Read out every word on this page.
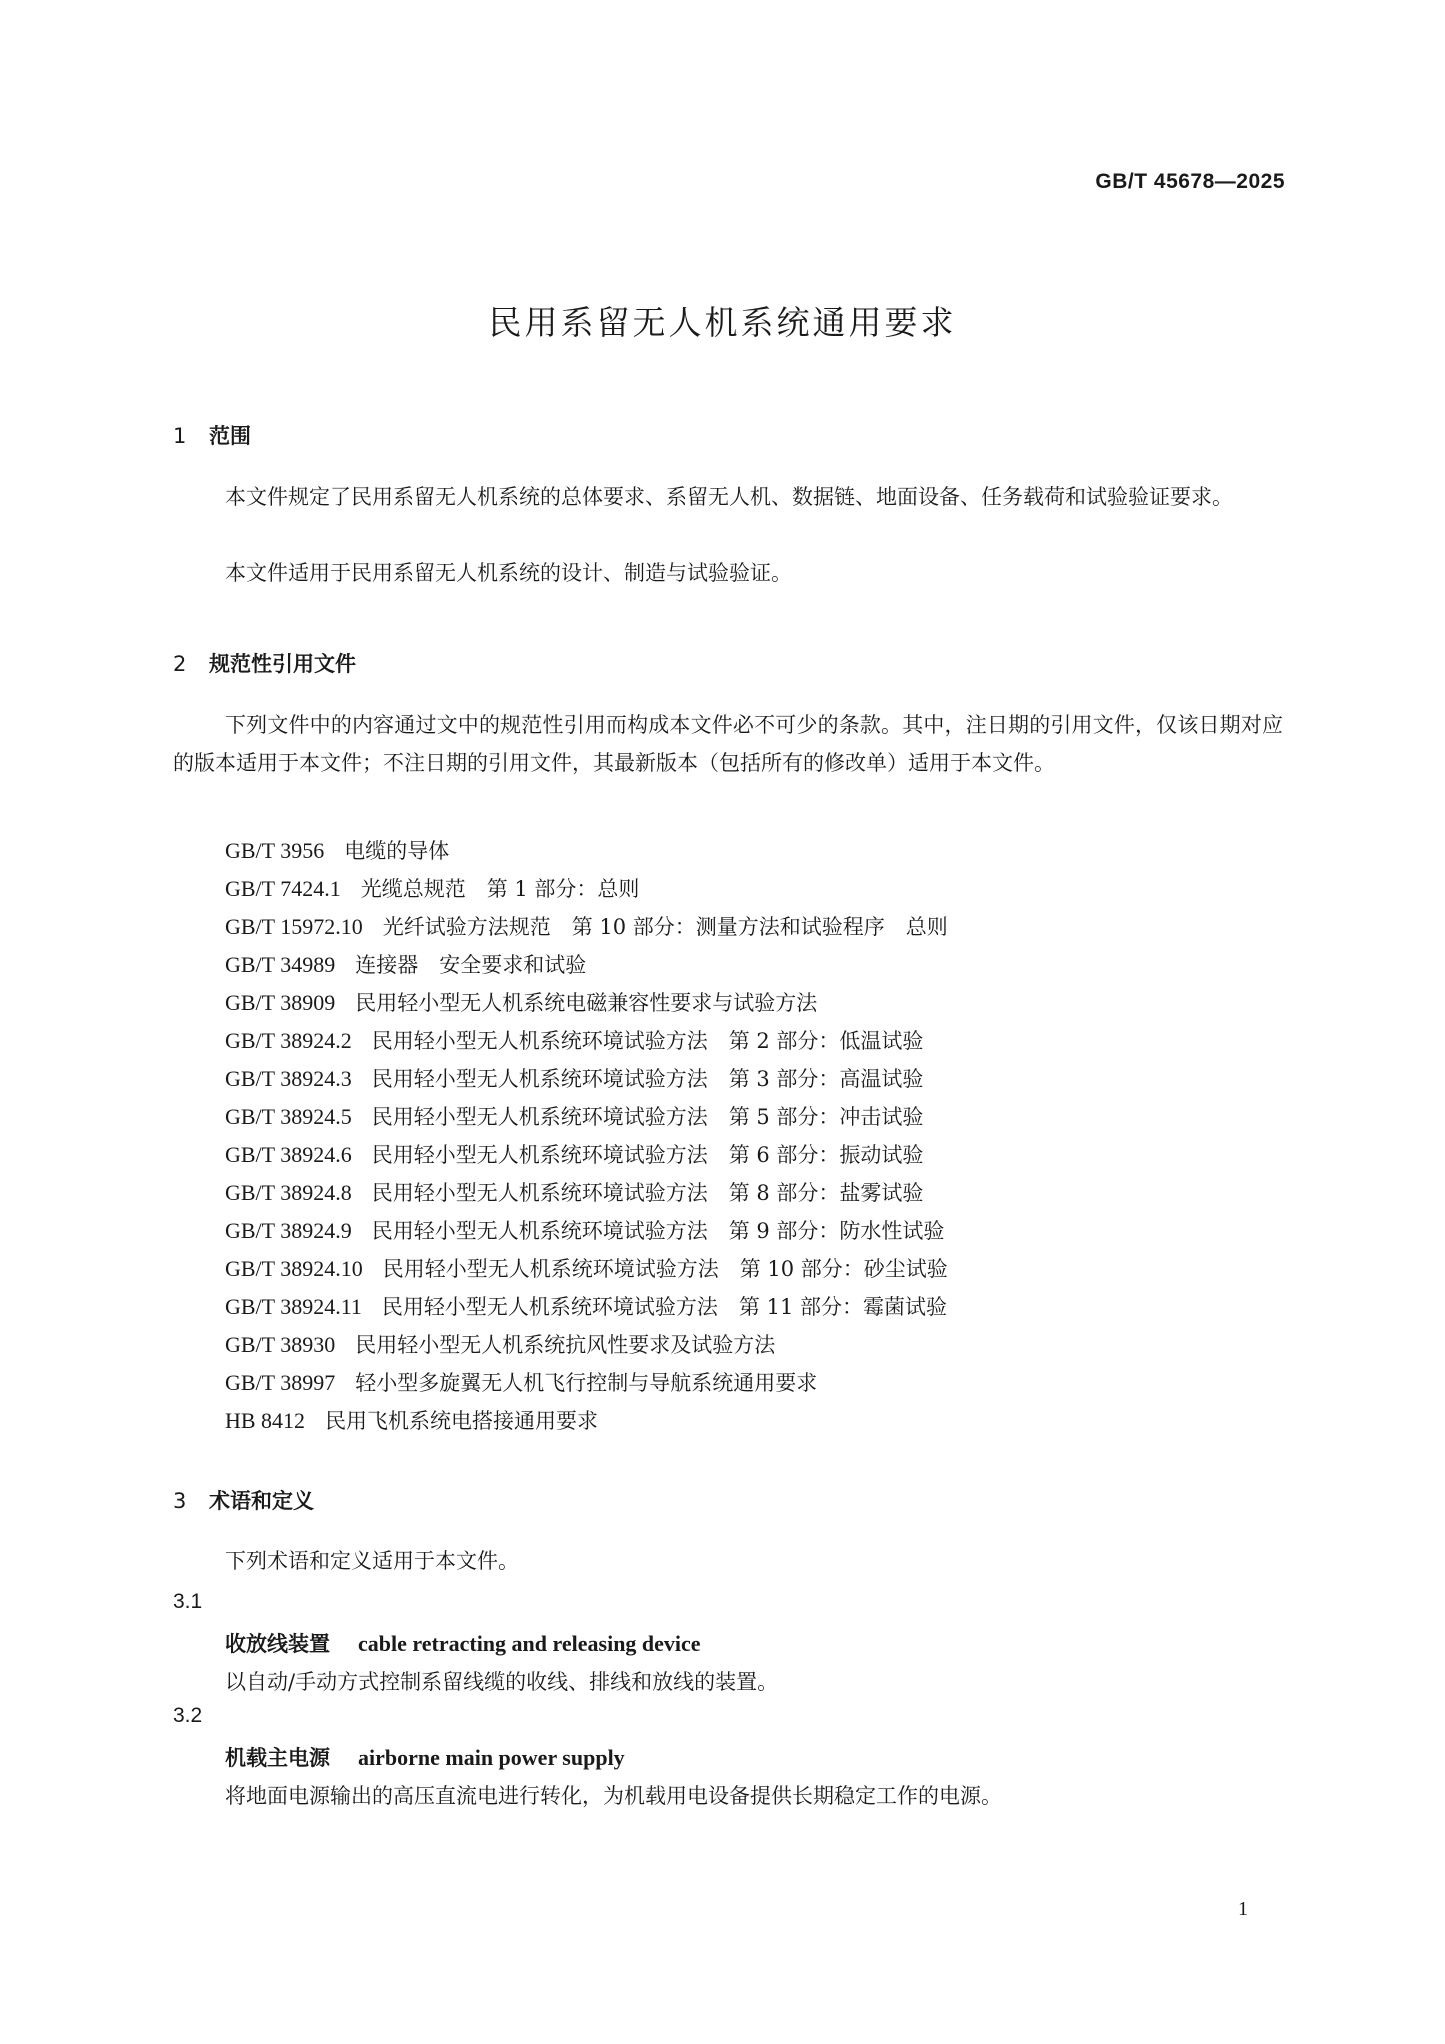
GB/T 45678—2025
民用系留无人机系统通用要求
1 范围
本文件规定了民用系留无人机系统的总体要求、系留无人机、数据链、地面设备、任务载荷和试验验证要求。
本文件适用于民用系留无人机系统的设计、制造与试验验证。
2 规范性引用文件
下列文件中的内容通过文中的规范性引用而构成本文件必不可少的条款。其中，注日期的引用文件，仅该日期对应的版本适用于本文件；不注日期的引用文件，其最新版本（包括所有的修改单）适用于本文件。
GB/T 3956 电缆的导体
GB/T 7424.1 光缆总规范　第 1 部分：总则
GB/T 15972.10 光纤试验方法规范　第 10 部分：测量方法和试验程序　总则
GB/T 34989 连接器　安全要求和试验
GB/T 38909 民用轻小型无人机系统电磁兼容性要求与试验方法
GB/T 38924.2 民用轻小型无人机系统环境试验方法　第 2 部分：低温试验
GB/T 38924.3 民用轻小型无人机系统环境试验方法　第 3 部分：高温试验
GB/T 38924.5 民用轻小型无人机系统环境试验方法　第 5 部分：冲击试验
GB/T 38924.6 民用轻小型无人机系统环境试验方法　第 6 部分：振动试验
GB/T 38924.8 民用轻小型无人机系统环境试验方法　第 8 部分：盐雾试验
GB/T 38924.9 民用轻小型无人机系统环境试验方法　第 9 部分：防水性试验
GB/T 38924.10 民用轻小型无人机系统环境试验方法　第 10 部分：砂尘试验
GB/T 38924.11 民用轻小型无人机系统环境试验方法　第 11 部分：霉菌试验
GB/T 38930 民用轻小型无人机系统抗风性要求及试验方法
GB/T 38997 轻小型多旋翼无人机飞行控制与导航系统通用要求
HB 8412 民用飞机系统电搭接通用要求
3 术语和定义
下列术语和定义适用于本文件。
3.1
收放线装置 cable retracting and releasing device
以自动/手动方式控制系留线缆的收线、排线和放线的装置。
3.2
机载主电源 airborne main power supply
将地面电源输出的高压直流电进行转化，为机载用电设备提供长期稳定工作的电源。
1
